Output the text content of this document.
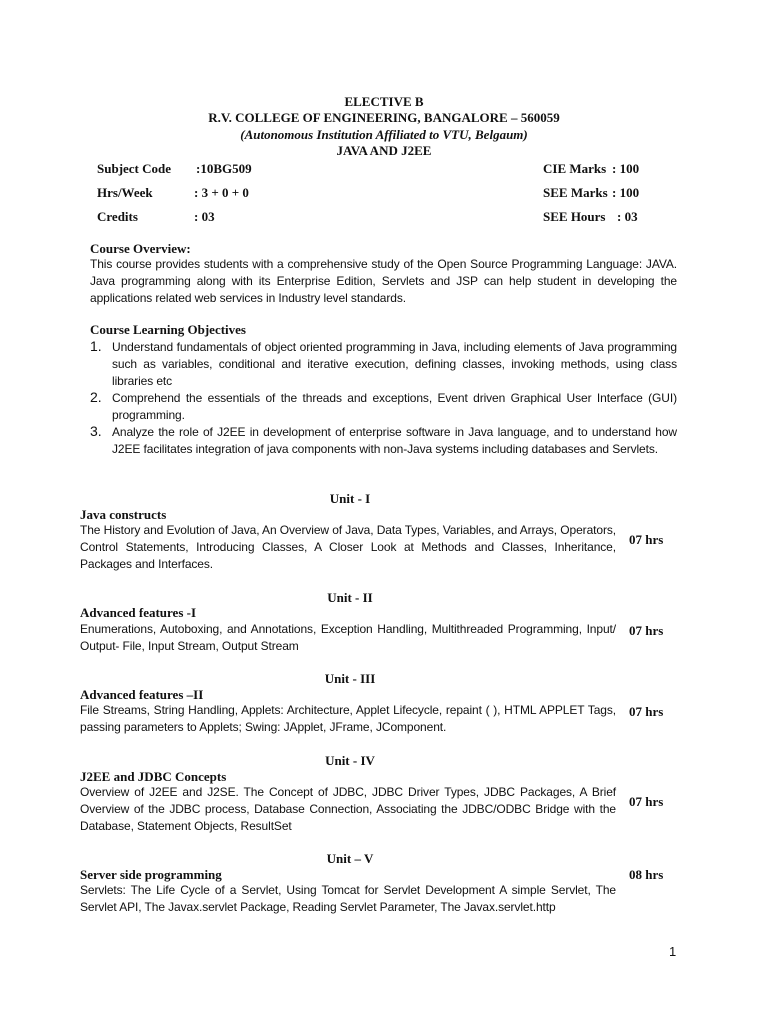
ELECTIVE B
R.V. COLLEGE OF ENGINEERING, BANGALORE – 560059
(Autonomous Institution Affiliated to VTU, Belgaum)
JAVA AND J2EE
Subject Code :10BG509
Hrs/Week	: 3 + 0 + 0
Credits	: 03
CIE Marks : 100
SEE Marks : 100
SEE Hours : 03
Course Overview:
This course provides students with a comprehensive study of the Open Source Programming Language: JAVA. Java programming along with its Enterprise Edition, Servlets and JSP can help student in developing the applications related web services in Industry level standards.
Course Learning Objectives
1. Understand fundamentals of object oriented programming in Java, including elements of Java programming such as variables, conditional and iterative execution, defining classes, invoking methods, using class libraries etc
2. Comprehend the essentials of the threads and exceptions, Event driven Graphical User Interface (GUI) programming.
3. Analyze the role of J2EE in development of enterprise software in Java language, and to understand how J2EE facilitates integration of java components with non-Java systems including databases and Servlets.
Unit - I
Java constructs
The History and Evolution of Java, An Overview of Java, Data Types, Variables, and Arrays, Operators, Control Statements, Introducing Classes, A Closer Look at Methods and Classes, Inheritance, Packages and Interfaces.
07 hrs
Unit - II
Advanced features -I
Enumerations, Autoboxing, and Annotations, Exception Handling, Multithreaded Programming, Input/ Output- File, Input Stream, Output Stream
07 hrs
Unit - III
Advanced features –II
File Streams, String Handling, Applets: Architecture, Applet Lifecycle, repaint ( ), HTML APPLET Tags, passing parameters to Applets; Swing: JApplet, JFrame, JComponent.
07 hrs
Unit - IV
J2EE and JDBC Concepts
Overview of J2EE and J2SE. The Concept of JDBC, JDBC Driver Types, JDBC Packages, A Brief Overview of the JDBC process, Database Connection, Associating the JDBC/ODBC Bridge with the Database, Statement Objects, ResultSet
07 hrs
Unit – V
Server side programming
Servlets: The Life Cycle of a Servlet, Using Tomcat for Servlet Development A simple Servlet, The Servlet API, The Javax.servlet Package, Reading Servlet Parameter, The Javax.servlet.http
08 hrs
1
